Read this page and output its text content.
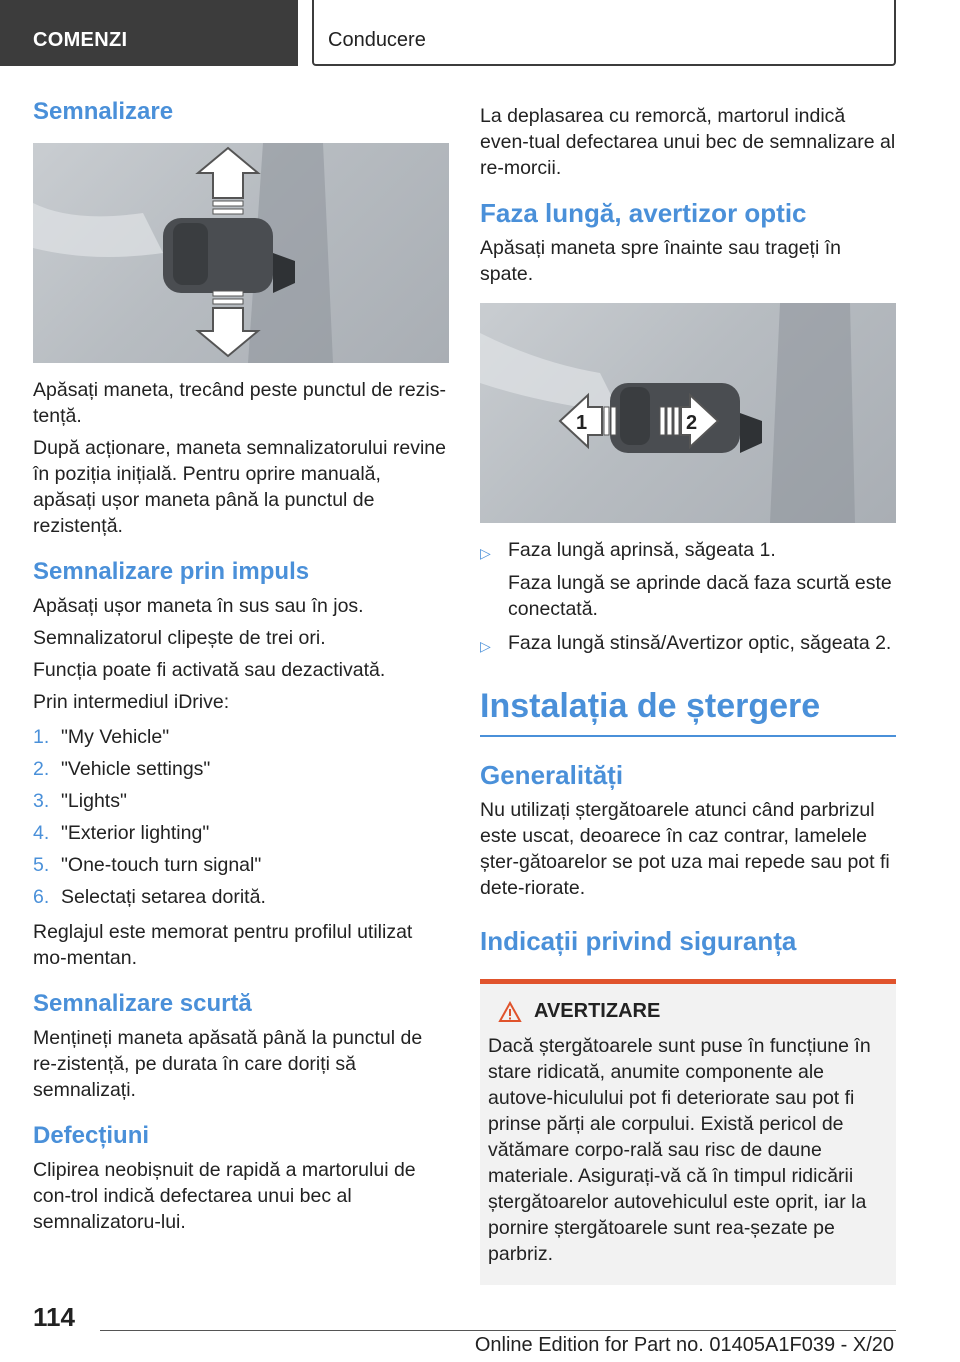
COMENZI	Conducere
Semnalizare

Apăsați maneta, trecând peste punctul de rezis-tență.

După acționare, maneta semnalizatorului revine în poziția inițială. Pentru oprire manuală, apăsați ușor maneta până la punctul de rezistență.

Semnalizare prin impuls

Apăsați ușor maneta în sus sau în jos.

Semnalizatorul clipește de trei ori.

Funcția poate fi activată sau dezactivată.

Prin intermediul iDrive:

1. "My Vehicle"
2. "Vehicle settings"
3. "Lights"
4. "Exterior lighting"
5. "One-touch turn signal"
6. Selectați setarea dorită.

Reglajul este memorat pentru profilul utilizat mo-mentan.

Semnalizare scurtă

Mențineți maneta apăsată până la punctul de re-zistență, pe durata în care doriți să semnalizați.

Defecțiuni

Clipirea neobișnuit de rapidă a martorului de con-trol indică defectarea unui bec al semnalizatoru-lui.

La deplasarea cu remorcă, martorul indică even-tual defectarea unui bec de semnalizare al re-morcii.

Faza lungă, avertizor optic

Apăsați maneta spre înainte sau trageți în spate.

1	2
▷ Faza lungă aprinsă, săgeata 1.
Faza lungă se aprinde dacă faza scurtă este conectată.
▷ Faza lungă stinsă/Avertizor optic, săgeata 2.
Instalația de ștergere
Generalități

Nu utilizați ștergătoarele atunci când parbrizul este uscat, deoarece în caz contrar, lamelele șter-gătoarelor se pot uza mai repede sau pot fi dete-riorate.

Indicații privind siguranța
AVERTIZARE

Dacă ștergătoarele sunt puse în funcțiune în stare ridicată, anumite componente ale autove-hiculului pot fi deteriorate sau pot fi prinse părți ale corpului. Există pericol de vătămare corpo-rală sau risc de daune materiale. Asigurați-vă că în timpul ridicării ștergătoarelor autovehiculul este oprit, iar la pornire ștergătoarele sunt rea-șezate pe parbriz.

114
Online Edition for Part no. 01405A1F039 - X/20
